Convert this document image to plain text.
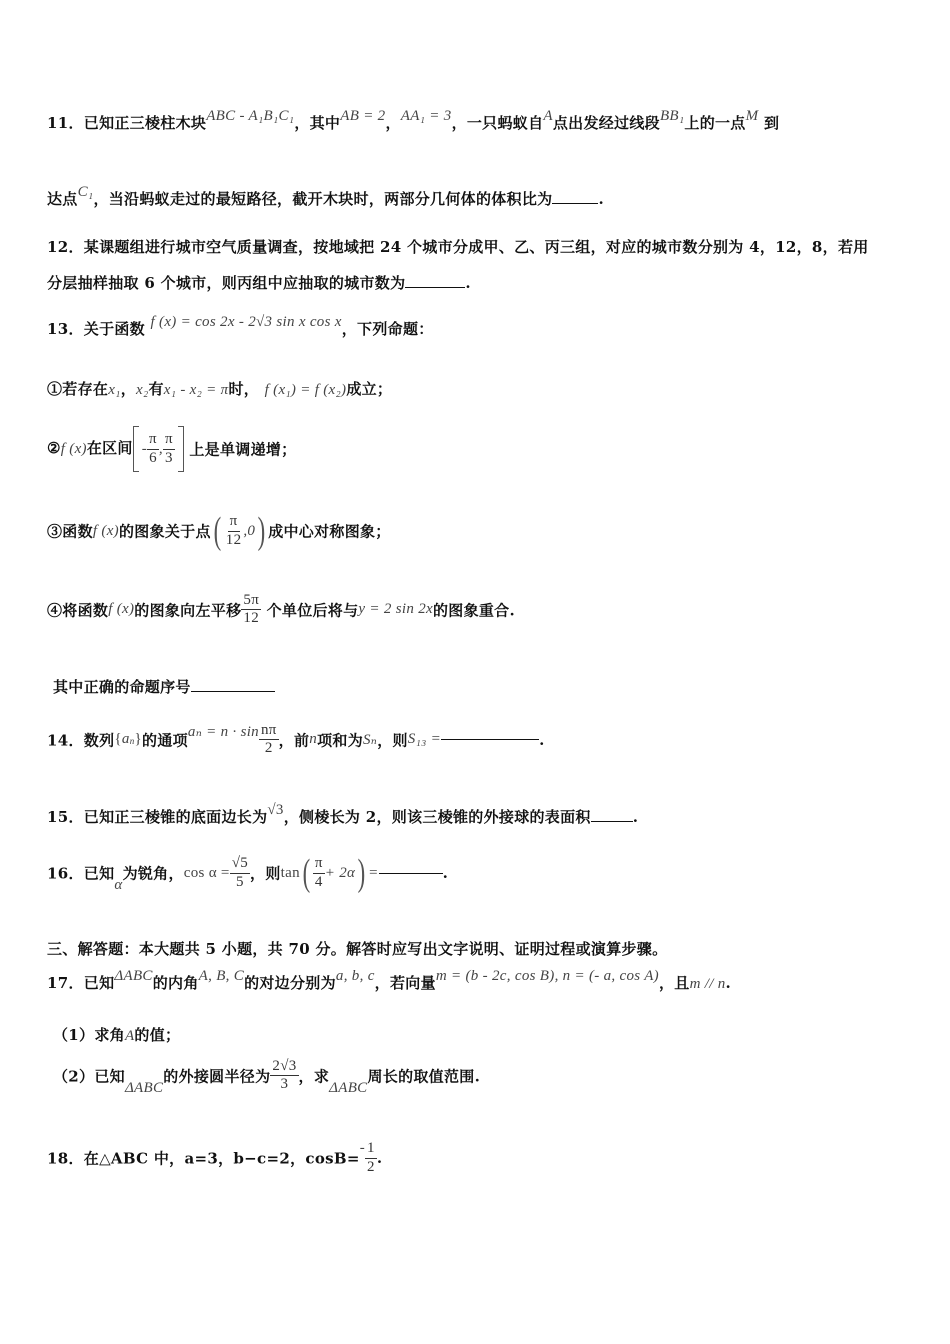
11．已知正三棱柱木块ABC - A₁B₁C₁，其中AB = 2，AA₁ = 3，一只蚂蚁自A点出发经过线段BB₁上的一点M 到
达点C₁，当沿蚂蚁走过的最短路径，截开木块时，两部分几何体的体积比为	.
12．某课题组进行城市空气质量调查，按地域把 24 个城市分成甲、乙、丙三组，对应的城市数分别为 4，12，8，若用
分层抽样抽取 6 个城市，则丙组中应抽取的城市数为	.
13．关于函数 f (x) = cos 2x - 2√3 sin x cos x，下列命题：
①若存在x₁，x₂有x₁ - x₂ = π时， f (x₁) = f (x₂)成立；
②f (x)在区间 - $\frac{\pi}{6}$ , $\frac{\pi}{3}$ 上是单调递增；
③函数f (x)的图象关于点( $\frac{\pi}{12} ,0$) 成中心对称图象；
④将函数f (x)的图象向左平移 $\frac{5\pi}{12}$ 个单位后将与y = 2 sin 2x的图象重合.
其中正确的命题序号
14．数列{an}的通项$a_n = n \cdot \sin \frac{n\pi}{2}$ ，前n项和为Sₙ，则S₁₃ =	.
15．已知正三棱锥的底面边长为√3，侧棱长为 2，则该三棱锥的外接球的表面积	.
16．已知α为锐角，$\cos \alpha = \frac{√5}{5}$ ，则$\tan( \frac{\pi}{4} + 2\alpha)$ =	.
三、解答题：本大题共 5 小题，共 70 分。解答时应写出文字说明、证明过程或演算步骤。
17．已知ΔABC的内角A, B, C的对边分别为a, b, c，若向量m = (b - 2c, cos B), n = (- a, cos A)，且m // n.
（1）求角A的值；
（2）已知ΔABC的外接圆半径为 $\frac{2√3}{3}$ ，求ΔABC周长的取值范围.
18．在△ABC 中，a=3，b−c=2，$\cos B=- \frac{1}{2}$ .
